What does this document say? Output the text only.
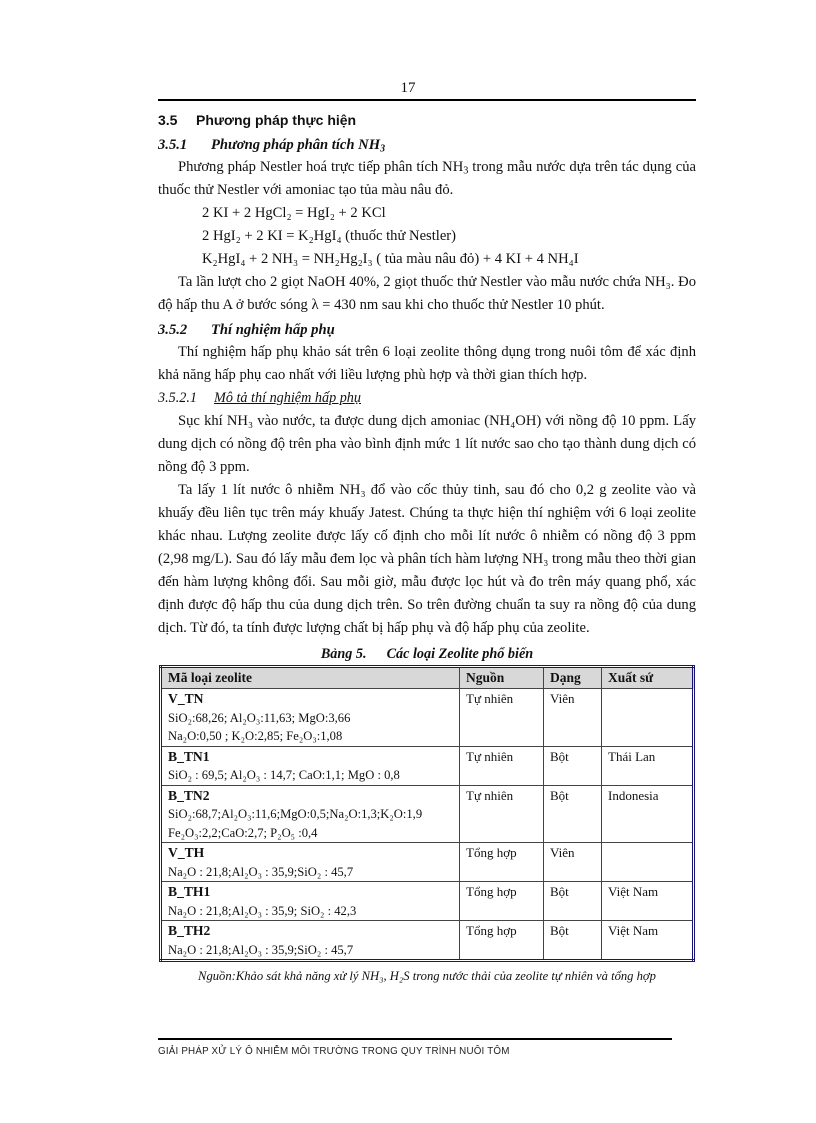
17
3.5 Phương pháp thực hiện
3.5.1 Phương pháp phân tích $NH_3$

Phương pháp Nestler hoá trực tiếp phân tích $NH_3$ trong mẫu nước dựa trên tác dụng của thuốc thử Nestler với amoniac tạo tủa màu nâu đỏ.

2 KI + 2 HgCl₂ = HgI₂ + 2 KCl
2 HgI₂ + 2 KI = K₂HgI₄ (thuốc thử Nestler)
K₂HgI₄ + 2 NH₃ = NH₂Hg₂I₃ ( tủa màu nâu đỏ) + 4 KI + 4 NH₄I

Ta lần lượt cho 2 giọt NaOH 40%, 2 giọt thuốc thử Nestler vào mẫu nước chứa NH₃. Đo độ hấp thu A ở bước sóng λ = 430 nm sau khi cho thuốc thử Nestler 10 phút.

3.5.2 Thí nghiệm hấp phụ

Thí nghiệm hấp phụ khảo sát trên 6 loại zeolite thông dụng trong nuôi tôm để xác định khả năng hấp phụ cao nhất với liều lượng phù hợp và thời gian thích hợp.

3.5.2.1 Mô tả thí nghiệm hấp phụ

Sục khí NH₃ vào nước, ta được dung dịch amoniac (NH₄OH) với nồng độ 10 ppm. Lấy dung dịch có nồng độ trên pha vào bình định mức 1 lít nước sao cho tạo thành dung dịch có nồng độ 3 ppm.

Ta lấy 1 lít nước ô nhiễm NH₃ đổ vào cốc thủy tinh, sau đó cho 0,2 g zeolite vào và khuấy đều liên tục trên máy khuấy Jatest. Chúng ta thực hiện thí nghiệm với 6 loại zeolite khác nhau. Lượng zeolite được lấy cố định cho mỗi lít nước ô nhiễm có nồng độ 3 ppm (2,98 mg/L). Sau đó lấy mẫu đem lọc và phân tích hàm lượng NH₃ trong mẫu theo thời gian đến hàm lượng không đổi. Sau mỗi giờ, mẫu được lọc hút và đo trên máy quang phổ, xác định được độ hấp thu của dung dịch trên. So trên đường chuẩn ta suy ra nồng độ của dung dịch. Từ đó, ta tính được lượng chất bị hấp phụ và độ hấp phụ của zeolite.

Bảng 5. Các loại Zeolite phổ biến
Mã loại zeolite	Nguồn	Dạng	Xuất sứ

V_TN
SiO₂:68,26; Al₂O₃:11,63; MgO:3,66
Na₂O:0,50 ; K₂O:2,85; Fe₂O₃:1,08	Tự nhiên	Viên	

B_TN1
SiO₂ : 69,5; Al₂O₃ : 14,7; CaO:1,1; MgO : 0,8	Tự nhiên	Bột	Thái Lan

B_TN2
SiO₂:68,7;Al₂O₃:11,6;MgO:0,5;Na₂O:1,3;K₂O:1,9
Fe₂O₃:2,2;CaO:2,7; P₂O₅ :0,4	Tự nhiên	Bột	Indonesia

V_TH
Na₂O : 21,8;Al₂O₃ : 35,9;SiO₂ : 45,7	Tổng hợp	Viên	

B_TH1
Na₂O : 21,8;Al₂O₃ : 35,9; SiO₂ : 42,3	Tổng hợp	Bột	Việt Nam

B_TH2
Na₂O : 21,8;Al₂O₃ : 35,9;SiO₂ : 45,7	Tổng hợp	Bột	Việt Nam
Nguồn:Khảo sát khả năng xử lý NH₃, H₂S trong nước thải của zeolite tự nhiên và tổng hợp
GIẢI PHÁP XỬ LÝ Ô NHIỄM MÔI TRƯỜNG TRONG QUY TRÌNH NUÔI TÔM
